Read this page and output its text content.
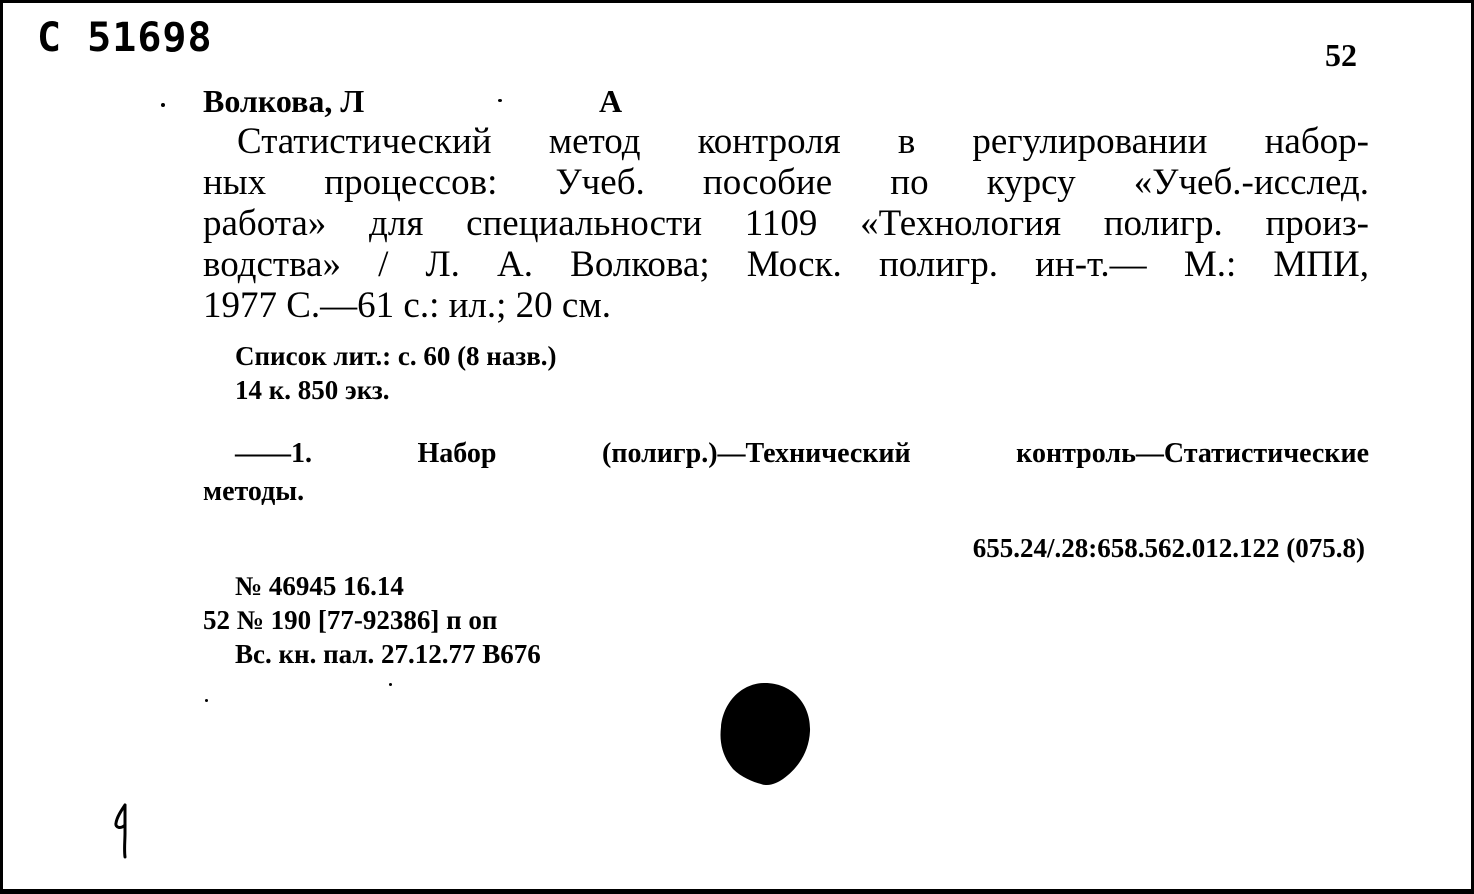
С 51698	52
Волкова, Л	А
Статистический метод контроля в регулировании набор-
ных процессов: Учеб. пособие по курсу «Учеб.-исслед.
работа» для специальности 1109 «Технология полигр. произ-
водства» / Л. А. Волкова; Моск. полигр. ин-т.— М.: МПИ,
1977 С.—61 с.: ил.; 20 см.
Список лит.: с. 60 (8 назв.)
14 к. 850 экз.
——1. Набор (полигр.)—Технический контроль—Статистические
методы.
655.24/.28:658.562.012.122 (075.8)
№ 46945 16.14
52 № 190 [77-92386] п оп
Вс. кн. пал. 27.12.77 В676
